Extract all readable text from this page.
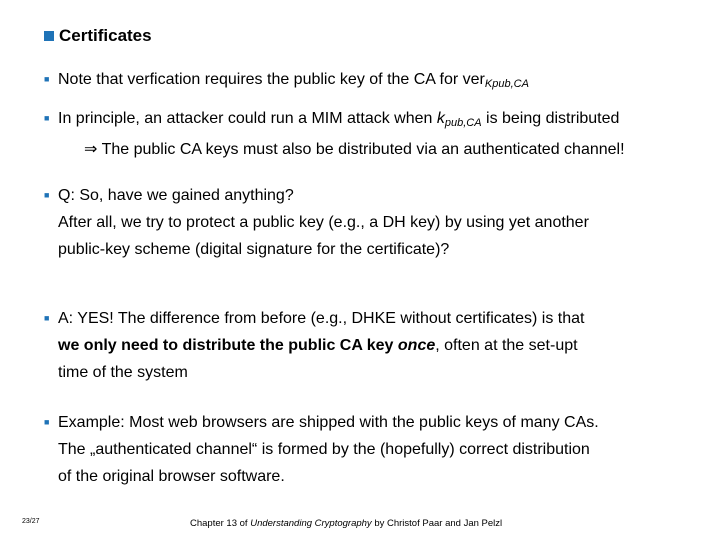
Certificates
■ Note that verfication requires the public key of the CA for ver$_{Kpub,CA}$
■ In principle, an attacker could run a MIM attack when $k_{pub,CA}$ is being distributed
⇒ The public CA keys must also be distributed via an authenticated channel!
■ Q: So, have we gained anything?
After all, we try to protect a public key (e.g., a DH key) by using yet another
public-key scheme (digital signature for the certificate)?
■ A: YES! The difference from before (e.g., DHKE without certificates) is that
we only need to distribute the public CA key once, often at the set-upt
time of the system
■ Example: Most web browsers are shipped with the public keys of many CAs.
The „authenticated channel“ is formed by the (hopefully) correct distribution
of the original browser software.
23/27	Chapter 13 of Understanding Cryptography by Christof Paar and Jan Pelzl
